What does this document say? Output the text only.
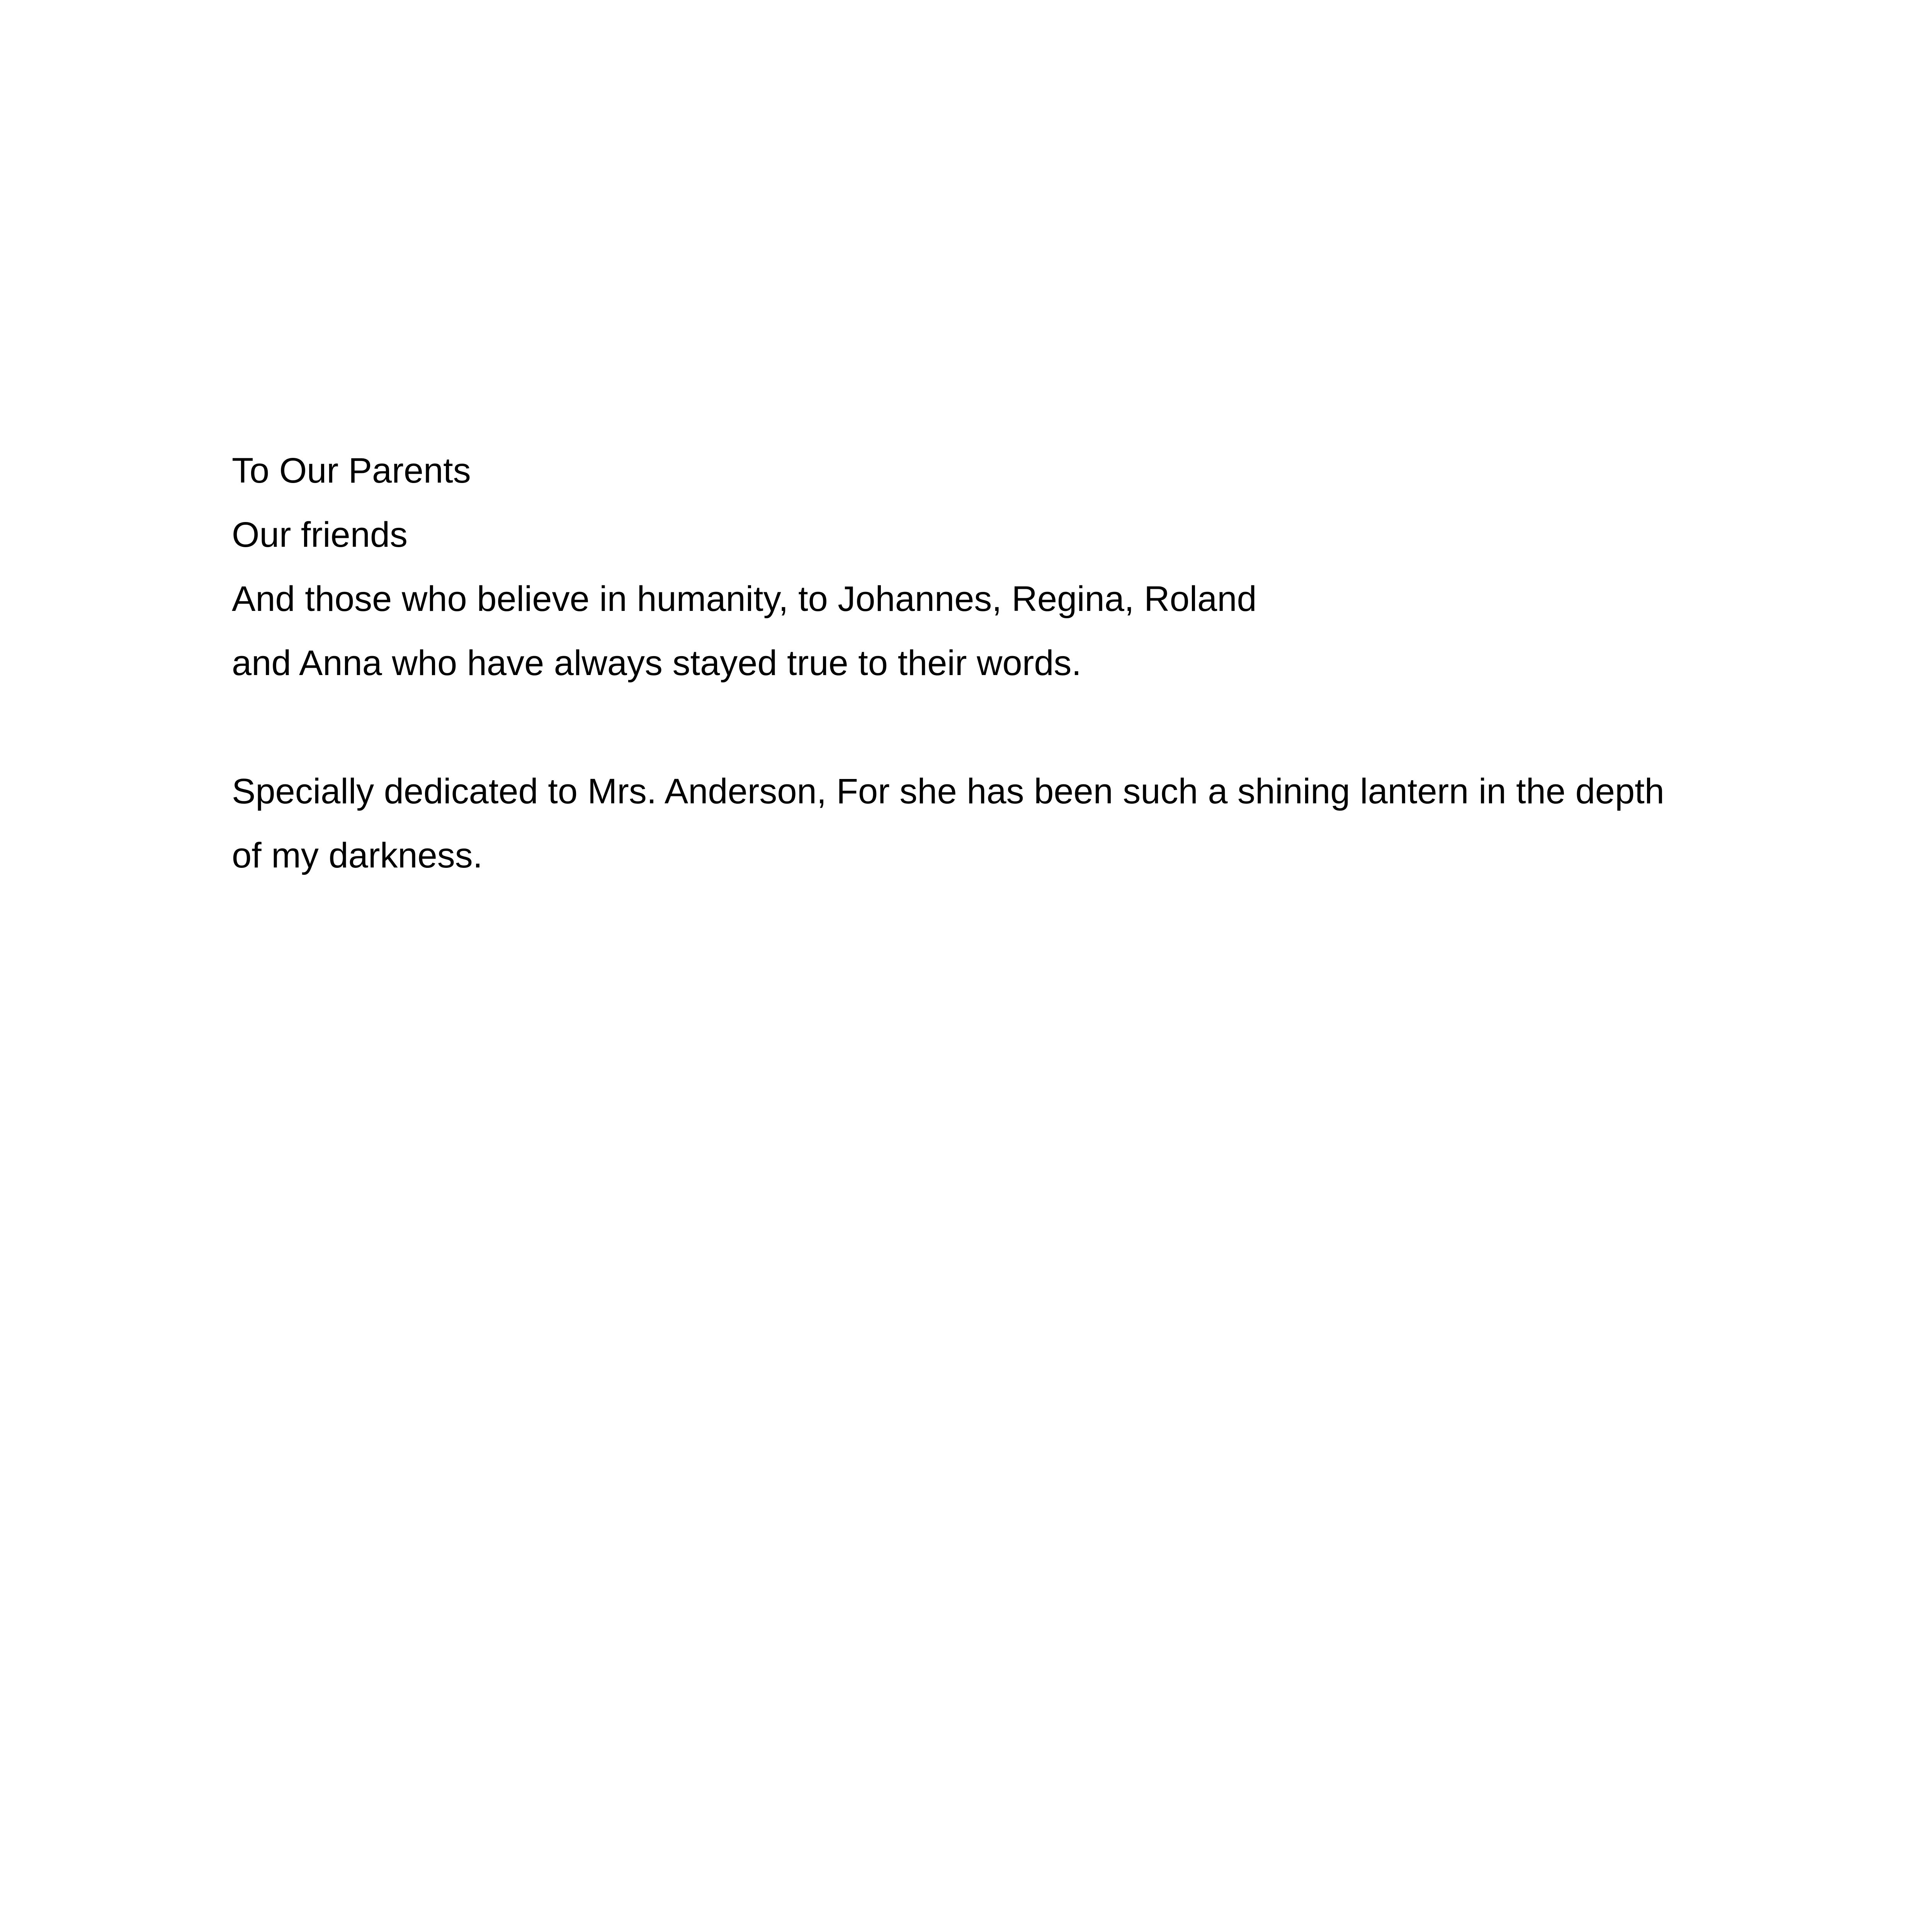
To Our Parents
Our friends
And those who believe in humanity, to Johannes, Regina, Roland
and Anna who have always stayed true to their words.
Specially dedicated to Mrs. Anderson, For she has been such a shining lantern in the depth
of my darkness.
